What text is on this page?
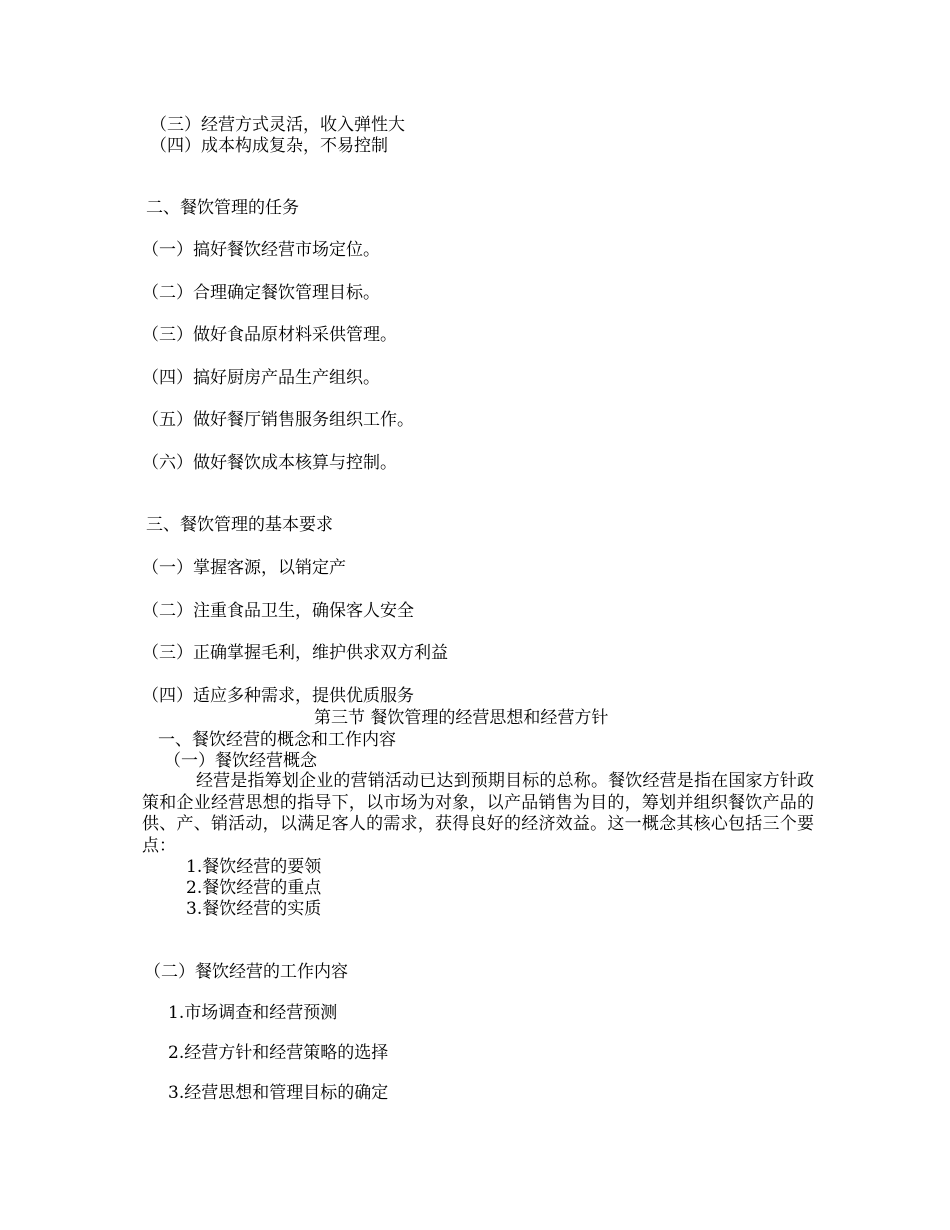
（三）经营方式灵活，收入弹性大
（四）成本构成复杂，不易控制
二、餐饮管理的任务
（一）搞好餐饮经营市场定位。
（二）合理确定餐饮管理目标。
（三）做好食品原材料采供管理。
（四）搞好厨房产品生产组织。
（五）做好餐厅销售服务组织工作。
（六）做好餐饮成本核算与控制。
三、餐饮管理的基本要求
（一）掌握客源，以销定产
（二）注重食品卫生，确保客人安全
（三）正确掌握毛利，维护供求双方利益
（四）适应多种需求，提供优质服务
第三节 餐饮管理的经营思想和经营方针
一、餐饮经营的概念和工作内容
（一）餐饮经营概念
经营是指筹划企业的营销活动已达到预期目标的总称。餐饮经营是指在国家方针政策和企业经营思想的指导下，以市场为对象，以产品销售为目的，筹划并组织餐饮产品的供、产、销活动，以满足客人的需求，获得良好的经济效益。这一概念其核心包括三个要点：
1.餐饮经营的要领
2.餐饮经营的重点
3.餐饮经营的实质
（二）餐饮经营的工作内容
1.市场调查和经营预测
2.经营方针和经营策略的选择
3.经营思想和管理目标的确定
